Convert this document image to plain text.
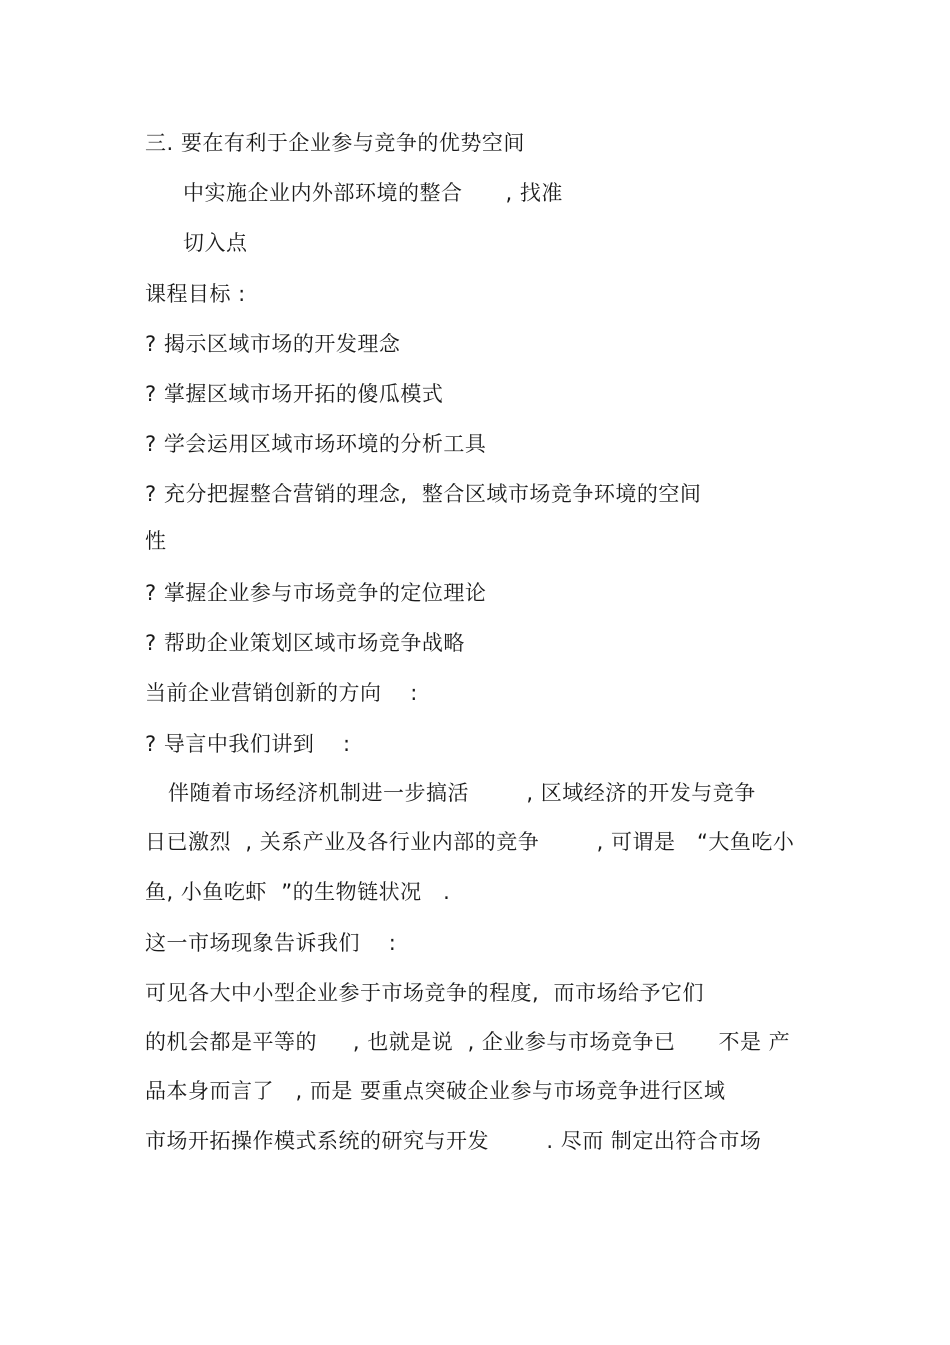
三. 要在有利于企业参与竞争的优势空间
中实施企业内外部环境的整合      , 找准
切入点
课程目标 :
? 揭示区域市场的开发理念
? 掌握区域市场开拓的傻瓜模式
? 学会运用区域市场环境的分析工具
? 充分把握整合营销的理念,  整合区域市场竞争环境的空间
性
? 掌握企业参与市场竞争的定位理论
? 帮助企业策划区域市场竞争战略
当前企业营销创新的方向    :
? 导言中我们讲到    :
伴随着市场经济机制进一步搞活        , 区域经济的开发与竞争
日已激烈  , 关系产业及各行业内部的竞争        , 可谓是   “大鱼吃小
鱼, 小鱼吃虾  ”的生物链状况   .
这一市场现象告诉我们    :
可见各大中小型企业参于市场竞争的程度,  而市场给予它们
的机会都是平等的     , 也就是说  , 企业参与市场竞争已      不是 产
品本身而言了   , 而是 要重点突破企业参与市场竞争进行区域
市场开拓操作模式系统的研究与开发        . 尽而 制定出符合市场
